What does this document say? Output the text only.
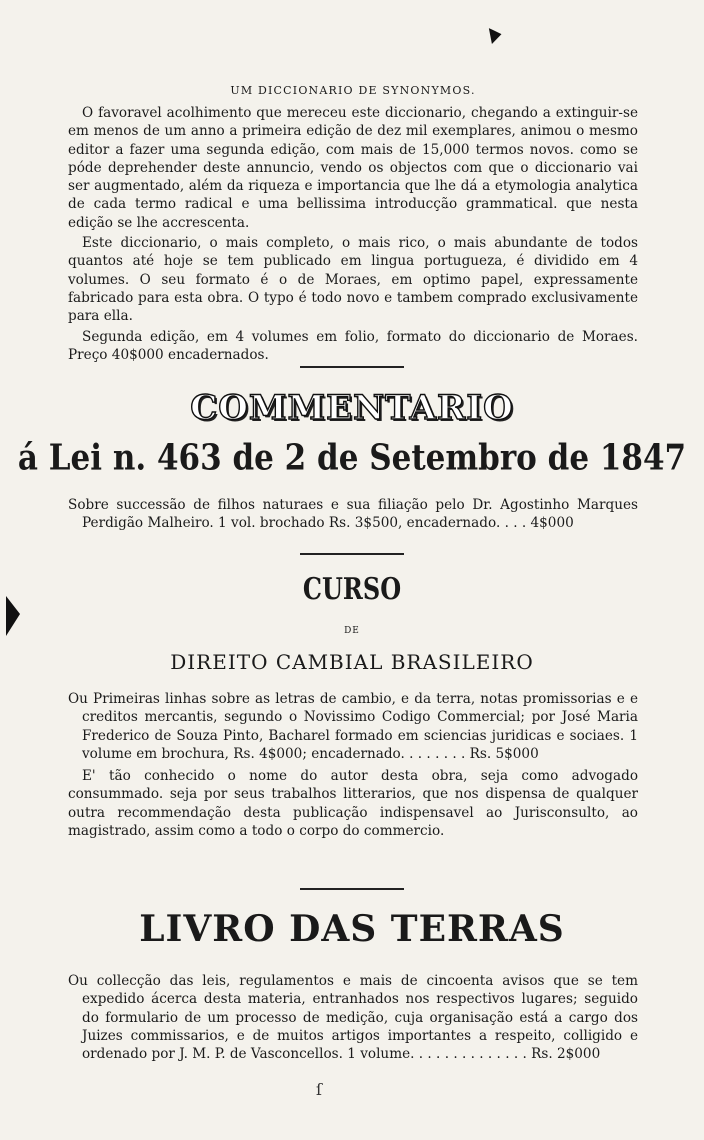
UM DICCIONARIO DE SYNONYMOS.

O favoravel acolhimento que mereceu este diccionario, chegando a extinguir-se em menos de um anno a primeira edição de dez mil exemplares, animou o mesmo editor a fazer uma segunda edição, com mais de 15,000 termos novos. como se póde deprehender deste annuncio, vendo os objectos com que o diccionario vai ser augmentado, além da riqueza e importancia que lhe dá a etymologia analytica de cada termo radical e uma bellissima introducção grammatical. que nesta edição se lhe accrescenta.

Este diccionario, o mais completo, o mais rico, o mais abundante de todos quantos até hoje se tem publicado em lingua portugueza, é dividido em 4 volumes. O seu formato é o de Moraes, em optimo papel, expressamente fabricado para esta obra. O typo é todo novo e tambem comprado exclusivamente para ella.

Segunda edição, em 4 volumes em folio, formato do diccionario de Moraes. Preço 40$000 encadernados.

COMMENTARIO
á Lei n. 463 de 2 de Setembro de 1847

Sobre successão de filhos naturaes e sua filiação pelo Dr. Agostinho Marques Perdigão Malheiro. 1 vol. brochado Rs. 3$500, encadernado. . . . 4$000

CURSO
DE
DIREITO CAMBIAL BRASILEIRO

Ou Primeiras linhas sobre as letras de cambio, e da terra, notas promissorias e e creditos mercantis, segundo o Novissimo Codigo Commercial; por José Maria Frederico de Souza Pinto, Bacharel formado em sciencias juridicas e sociaes. 1 volume em brochura, Rs. 4$000; encadernado. . . . . . . . Rs. 5$000

E' tão conhecido o nome do autor desta obra, seja como advogado consummado. seja por seus trabalhos litterarios, que nos dispensa de qualquer outra recommendação desta publicação indispensavel ao Jurisconsulto, ao magistrado, assim como a todo o corpo do commercio.

LIVRO DAS TERRAS

Ou collecção das leis, regulamentos e mais de cincoenta avisos que se tem expedido ácerca desta materia, entranhados nos respectivos lugares; seguido do formulario de um processo de medição, cuja organisação está a cargo dos Juizes commissarios, e de muitos artigos importantes a respeito, colligido e ordenado por J. M. P. de Vasconcellos. 1 volume. . . . . . . . . . . . . . Rs. 2$000

ſ
